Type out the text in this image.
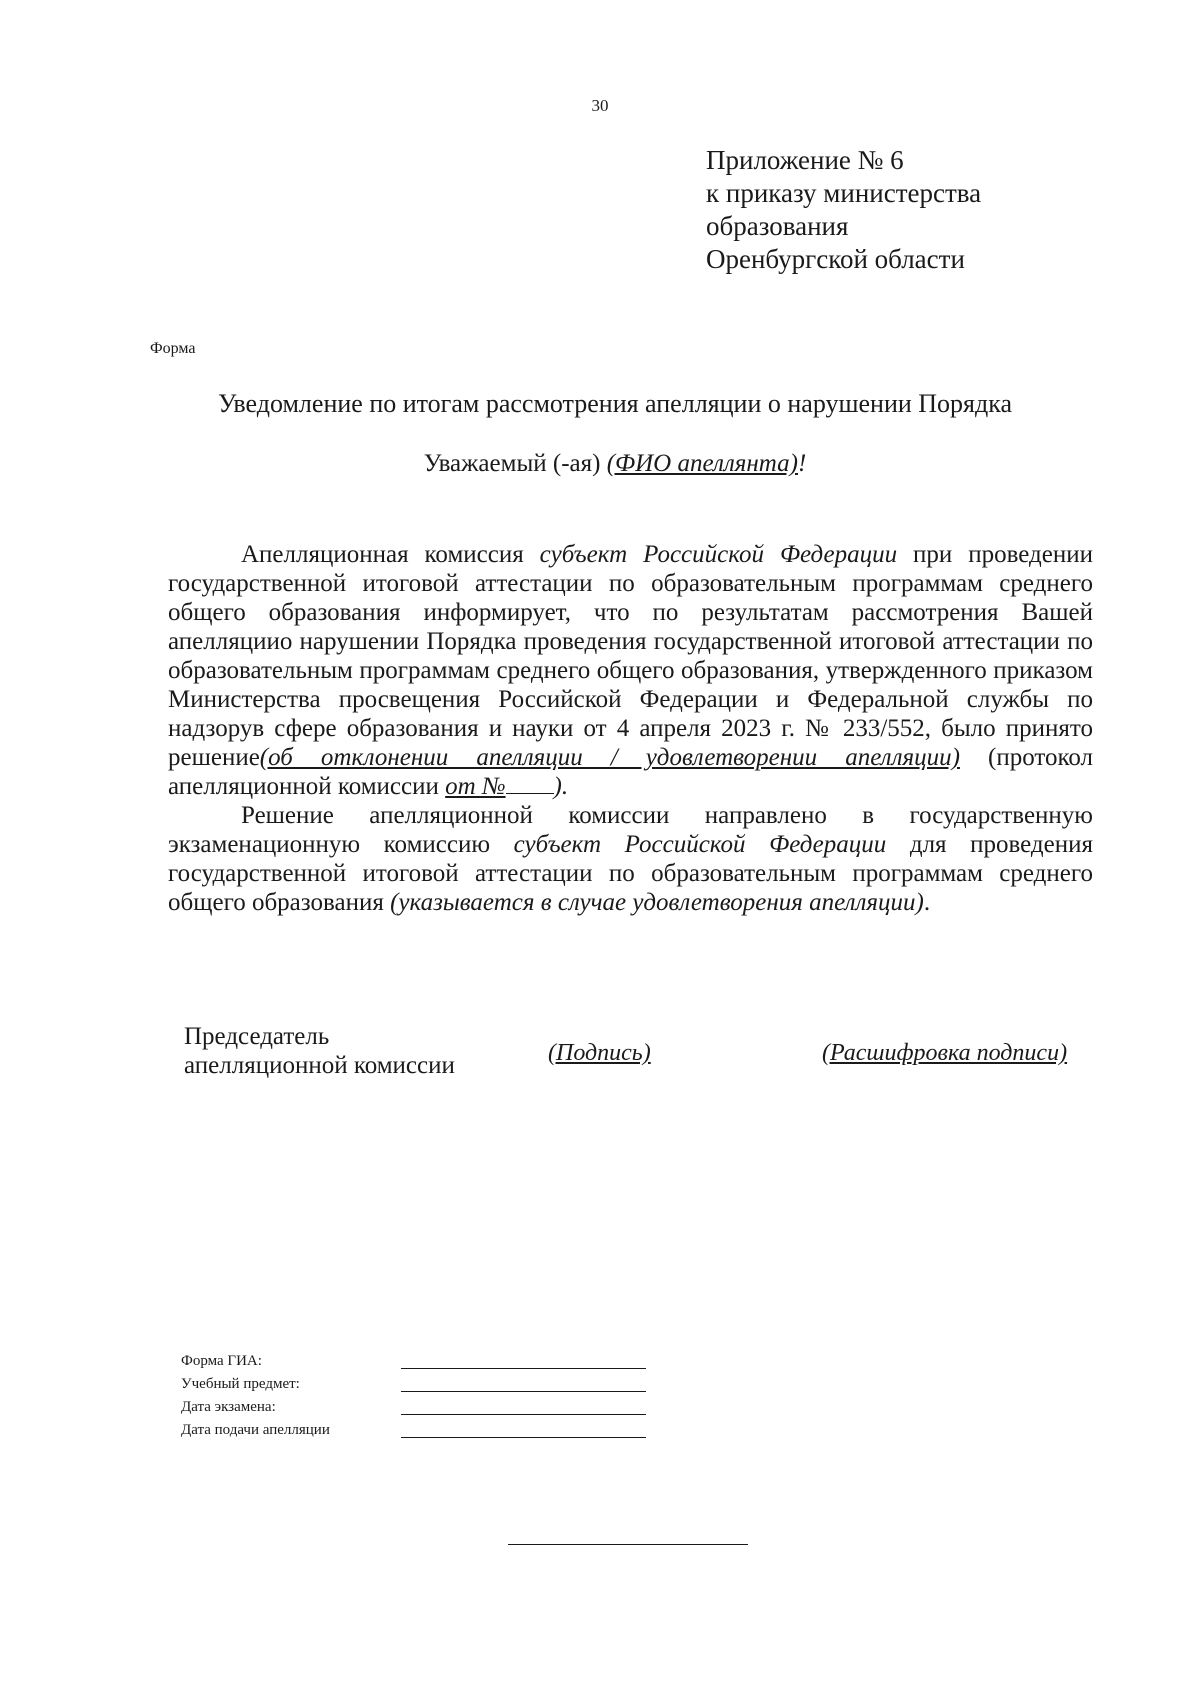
30
Приложение № 6
к приказу министерства
образования
Оренбургской области
Форма
Уведомление по итогам рассмотрения апелляции о нарушении Порядка
Уважаемый (-ая) (ФИО апеллянта)!

Апелляционная комиссия субъект Российской Федерации при проведении государственной итоговой аттестации по образовательным программам среднего общего образования информирует, что по результатам рассмотрения Вашей апелляциио нарушении Порядка проведения государственной итоговой аттестации по образовательным программам среднего общего образования, утвержденного приказом Министерства просвещения Российской Федерации и Федеральной службы по надзорув сфере образования и науки от 4 апреля 2023 г. № 233/552, было принято решение(об отклонении апелляции / удовлетворении апелляции) (протокол апелляционной комиссии от № ).

Решение апелляционной комиссии направлено в государственную экзаменационную комиссию субъект Российской Федерации для проведения государственной итоговой аттестации по образовательным программам среднего общего образования (указывается в случае удовлетворения апелляции).

Председатель
апелляционной комиссии	(Подпись)	(Расшифровка подписи)
Форма ГИА:
Учебный предмет:
Дата экзамена:
Дата подачи апелляции
